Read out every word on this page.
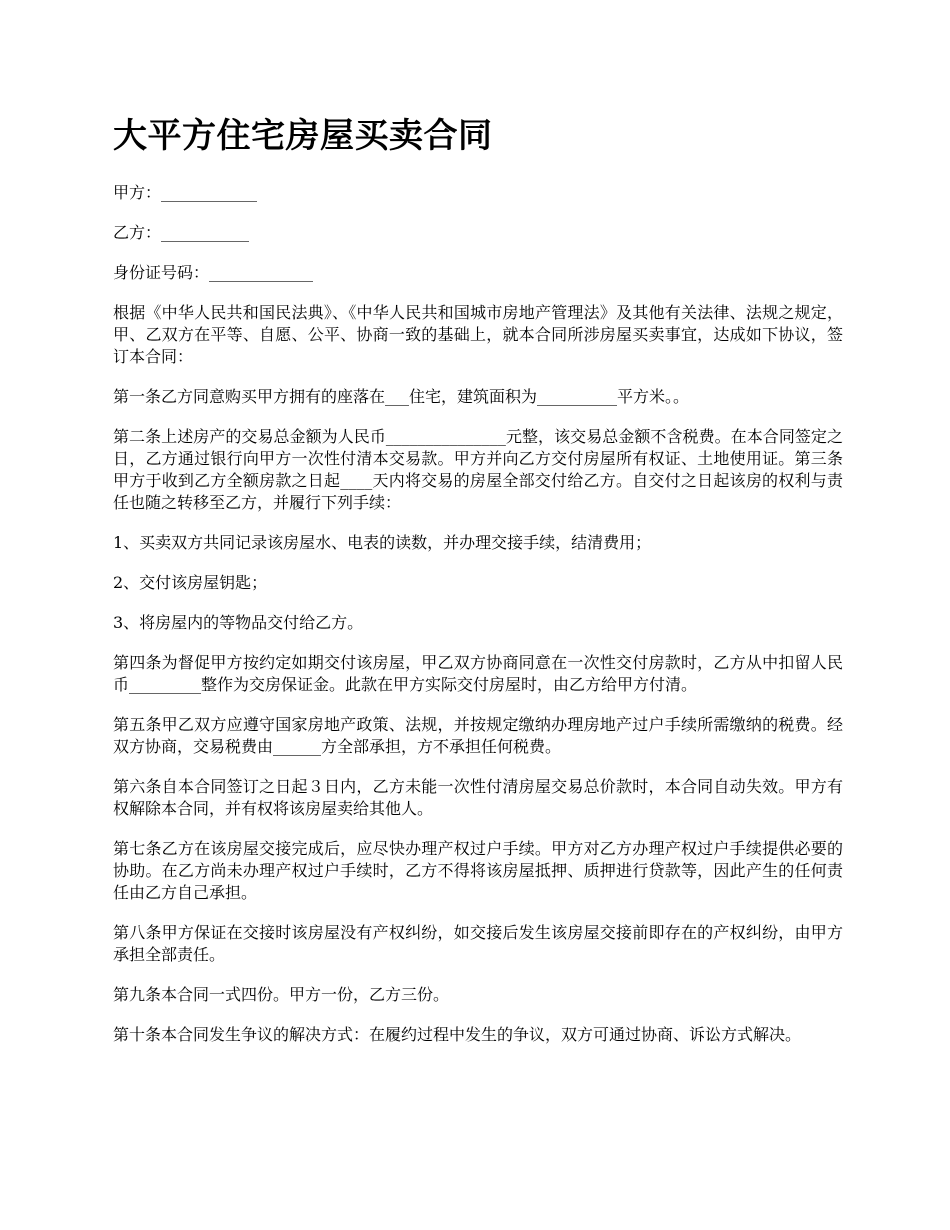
大平方住宅房屋买卖合同
甲方：____________
乙方：___________
身份证号码：_____________
根据《中华人民共和国民法典》、《中华人民共和国城市房地产管理法》及其他有关法律、法规之规定，甲、乙双方在平等、自愿、公平、协商一致的基础上，就本合同所涉房屋买卖事宜，达成如下协议，签订本合同：
第一条乙方同意购买甲方拥有的座落在___住宅，建筑面积为__________平方米。。
第二条上述房产的交易总金额为人民币_______________元整，该交易总金额不含税费。在本合同签定之日，乙方通过银行向甲方一次性付清本交易款。甲方并向乙方交付房屋所有权证、土地使用证。第三条甲方于收到乙方全额房款之日起____天内将交易的房屋全部交付给乙方。自交付之日起该房的权利与责任也随之转移至乙方，并履行下列手续：
1、买卖双方共同记录该房屋水、电表的读数，并办理交接手续，结清费用；
2、交付该房屋钥匙；
3、将房屋内的等物品交付给乙方。
第四条为督促甲方按约定如期交付该房屋，甲乙双方协商同意在一次性交付房款时，乙方从中扣留人民币_________整作为交房保证金。此款在甲方实际交付房屋时，由乙方给甲方付清。
第五条甲乙双方应遵守国家房地产政策、法规，并按规定缴纳办理房地产过户手续所需缴纳的税费。经双方协商，交易税费由______方全部承担，方不承担任何税费。
第六条自本合同签订之日起３日内，乙方未能一次性付清房屋交易总价款时，本合同自动失效。甲方有权解除本合同，并有权将该房屋卖给其他人。
第七条乙方在该房屋交接完成后，应尽快办理产权过户手续。甲方对乙方办理产权过户手续提供必要的协助。在乙方尚未办理产权过户手续时，乙方不得将该房屋抵押、质押进行贷款等，因此产生的任何责任由乙方自己承担。
第八条甲方保证在交接时该房屋没有产权纠纷，如交接后发生该房屋交接前即存在的产权纠纷，由甲方承担全部责任。
第九条本合同一式四份。甲方一份，乙方三份。
第十条本合同发生争议的解决方式：在履约过程中发生的争议，双方可通过协商、诉讼方式解决。
